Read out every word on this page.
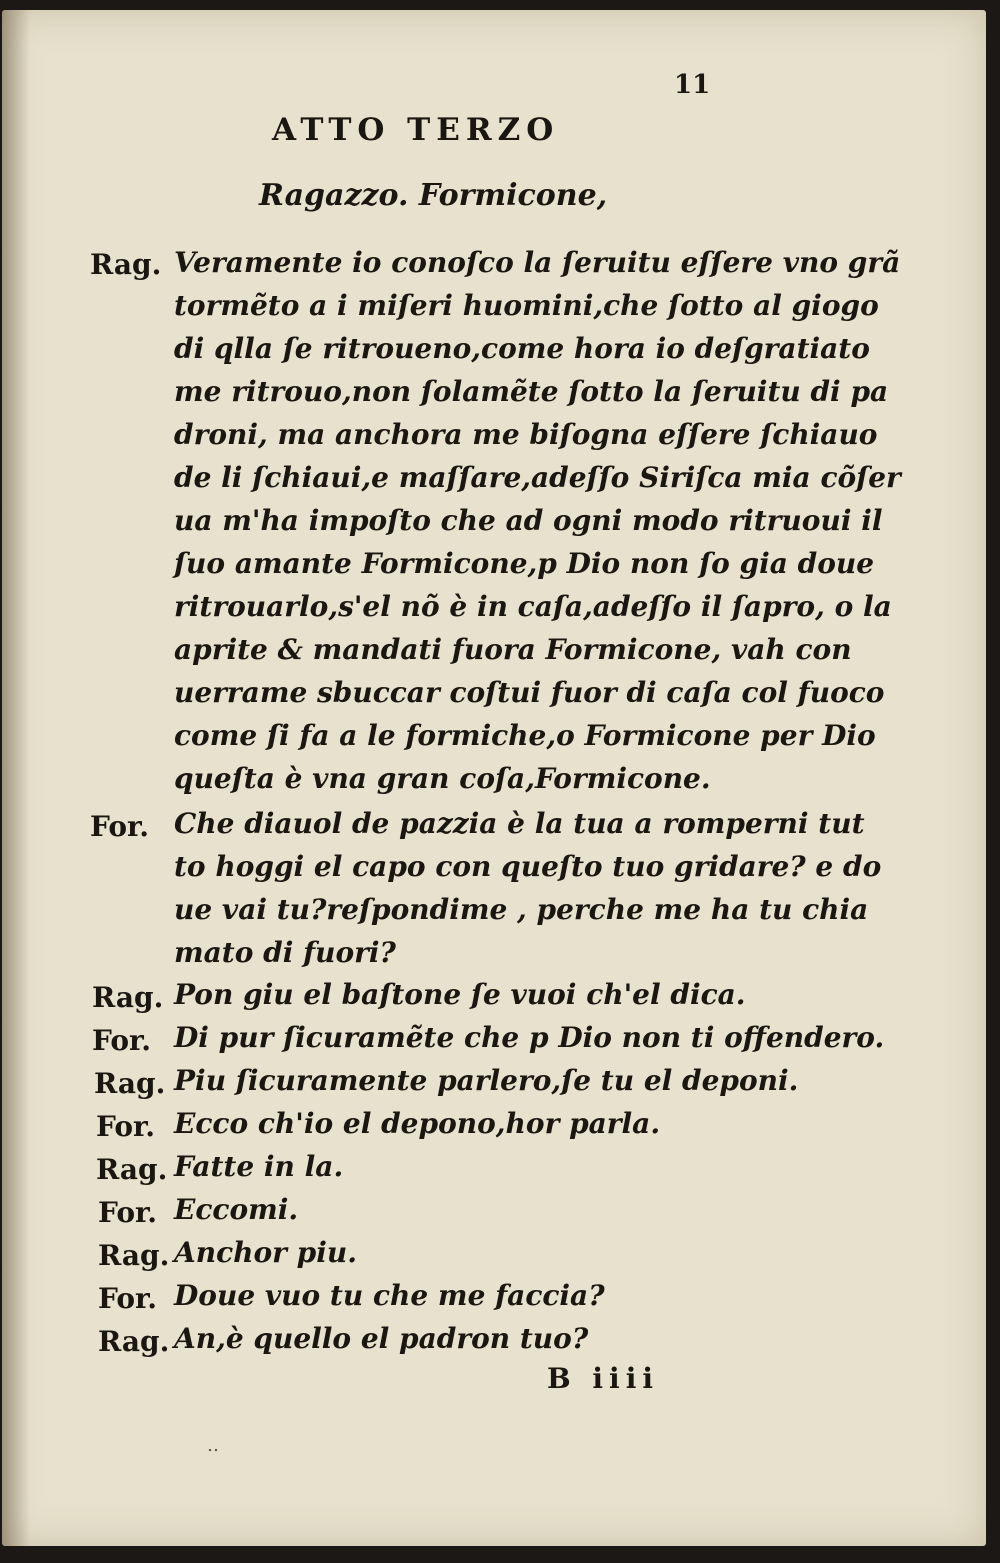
11
ATTO TERZO
Ragazzo. Formicone,
Rag. Veramente io conoſco la ſeruitu eſſere vno grã
tormẽto a i miſeri huomini,che ſotto al giogo
di qlla ſe ritroueno,come hora io deſgratiato
me ritrouo,non ſolamẽte ſotto la ſeruitu di pa
droni, ma anchora me biſogna eſſere ſchiauo
de li ſchiaui,e maſſare,adeſſo Siriſca mia cõſer
ua m'ha impoſto che ad ogni modo ritruoui il
ſuo amante Formicone,p Dio non ſo gia doue
ritrouarlo,s'el nõ è in caſa,adeſſo il ſapro, o la
aprite & mandati fuora Formicone, vah con
uerrame sbuccar coſtui fuor di caſa col fuoco
come ſi fa a le formiche,o Formicone per Dio
queſta è vna gran coſa,Formicone.
For. Che diauol de pazzia è la tua a romperni tut
to hoggi el capo con queſto tuo gridare? e do
ue vai tu?reſpondime , perche me ha tu chia
mato di fuori?
Rag. Pon giu el baſtone ſe vuoi ch'el dica.
For. Di pur ſicuramẽte che p Dio non ti offendero.
Rag. Piu ſicuramente parlero,ſe tu el deponi.
For. Ecco ch'io el depono,hor parla.
Rag. Fatte in la.
For. Eccomi.
Rag. Anchor piu.
For. Doue vuo tu che me faccia?
Rag. An,è quello el padron tuo?
B iiii
‥
